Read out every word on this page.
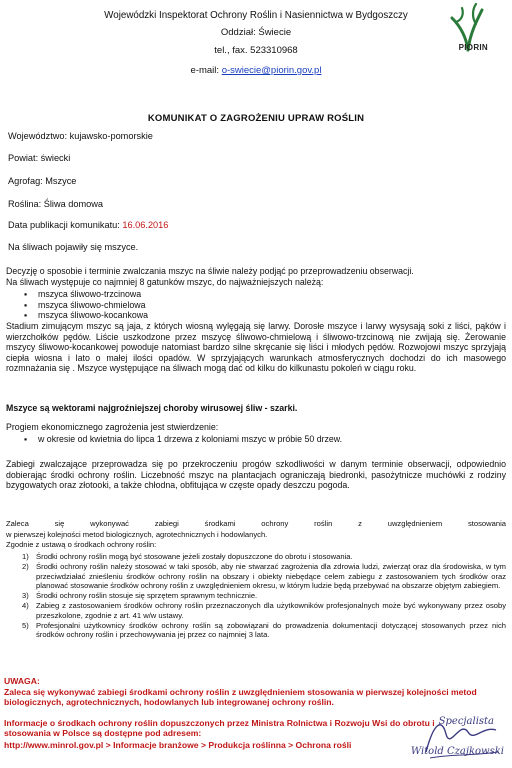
Wojewódzki Inspektorat Ochrony Roślin i Nasiennictwa w Bydgoszczy
Oddział: Świecie
tel., fax. 523310968
e-mail: o-swiecie@piorin.gov.pl
PIORIN
KOMUNIKAT O ZAGROŻENIU UPRAW ROŚLIN
Województwo: kujawsko-pomorskie
Powiat: świecki
Agrofag: Mszyce
Roślina: Śliwa domowa
Data publikacji komunikatu: 16.06.2016
Na śliwach pojawiły się mszyce.
Decyzję o sposobie i terminie zwalczania mszyc na śliwie należy podjąć po przeprowadzeniu obserwacji.
Na śliwach występuje co najmniej 8 gatunków mszyc, do najważniejszych należą:
▪ mszyca śliwowo-trzcinowa
▪ mszyca śliwowo-chmielowa
▪ mszyca śliwowo-kocankowa
Stadium zimującym mszyc są jaja, z których wiosną wylęgają się larwy. Dorosłe mszyce i larwy wysysają soki z liści, pąków i wierzchołków pędów. Liście uszkodzone przez mszycę śliwowo-chmielową i śliwowo-trzcinową nie zwijają się. Żerowanie mszycy śliwowo-kocankowej powoduje natomiast bardzo silne skręcanie się liści i młodych pędów. Rozwojowi mszyc sprzyjają ciepła wiosna i lato o małej ilości opadów. W sprzyjających warunkach atmosferycznych dochodzi do ich masowego rozmnażania się . Mszyce występujące na śliwach mogą dać od kilku do kilkunastu pokoleń w ciągu roku.
Mszyce są wektorami najgroźniejszej choroby wirusowej śliw - szarki.
Progiem ekonomicznego zagrożenia jest stwierdzenie:
▪ w okresie od kwietnia do lipca 1 drzewa z koloniami mszyc w próbie 50 drzew.
Zabiegi zwalczające przeprowadza się po przekroczeniu progów szkodliwości w danym terminie obserwacji, odpowiednio dobierając środki ochrony roślin. Liczebność mszyc na plantacjach ograniczają biedronki, pasożytnicze muchówki z rodziny bzygowatych oraz złotooki, a także chłodna, obfitująca w częste opady deszczu pogoda.
Zaleca	się	wykonywać	zabiegi	środkami	ochrony	roślin	z	uwzględnieniem	stosowania
w pierwszej kolejności metod biologicznych, agrotechnicznych i hodowlanych.
Zgodnie z ustawą o środkach ochrony roślin:
1) Środki ochrony roślin mogą być stosowane jeżeli zostały dopuszczone do obrotu i stosowania.
2) Środki ochrony roślin należy stosować w taki sposób, aby nie stwarzać zagrożenia dla zdrowia ludzi, zwierząt oraz dla środowiska, w tym przeciwdziałać znieśleniu środków ochrony roślin na obszary i obiekty niebędące celem zabiegu z zastosowaniem tych środków oraz planować stosowanie środków ochrony roślin z uwzględnieniem okresu, w którym ludzie będą przebywać na obszarze objętym zabiegiem.
3) Środki ochrony roślin stosuje się sprzętem sprawnym technicznie.
4) Zabieg z zastosowaniem środków ochrony roślin przeznaczonych dla użytkowników profesjonalnych może być wykonywany przez osoby przeszkolone, zgodnie z art. 41 w/w ustawy.
5) Profesjonalni użytkownicy środków ochrony roślin są zobowiązani do prowadzenia dokumentacji dotyczącej stosowanych przez nich środków ochrony roślin i przechowywania jej przez co najmniej 3 lata.
UWAGA:
Zaleca się wykonywać zabiegi środkami ochrony roślin z uwzględnieniem stosowania w pierwszej kolejności metod biologicznych, agrotechnicznych, hodowlanych lub integrowanej ochrony roślin.
Informacje o środkach ochrony roślin dopuszczonych przez Ministra Rolnictwa i Rozwoju Wsi do obrotu i stosowania w Polsce są dostępne pod adresem:
http://www.minrol.gov.pl > Informacje branżowe > Produkcja roślinna > Ochrona rośli
Specjalista
Witold Czajkowski
